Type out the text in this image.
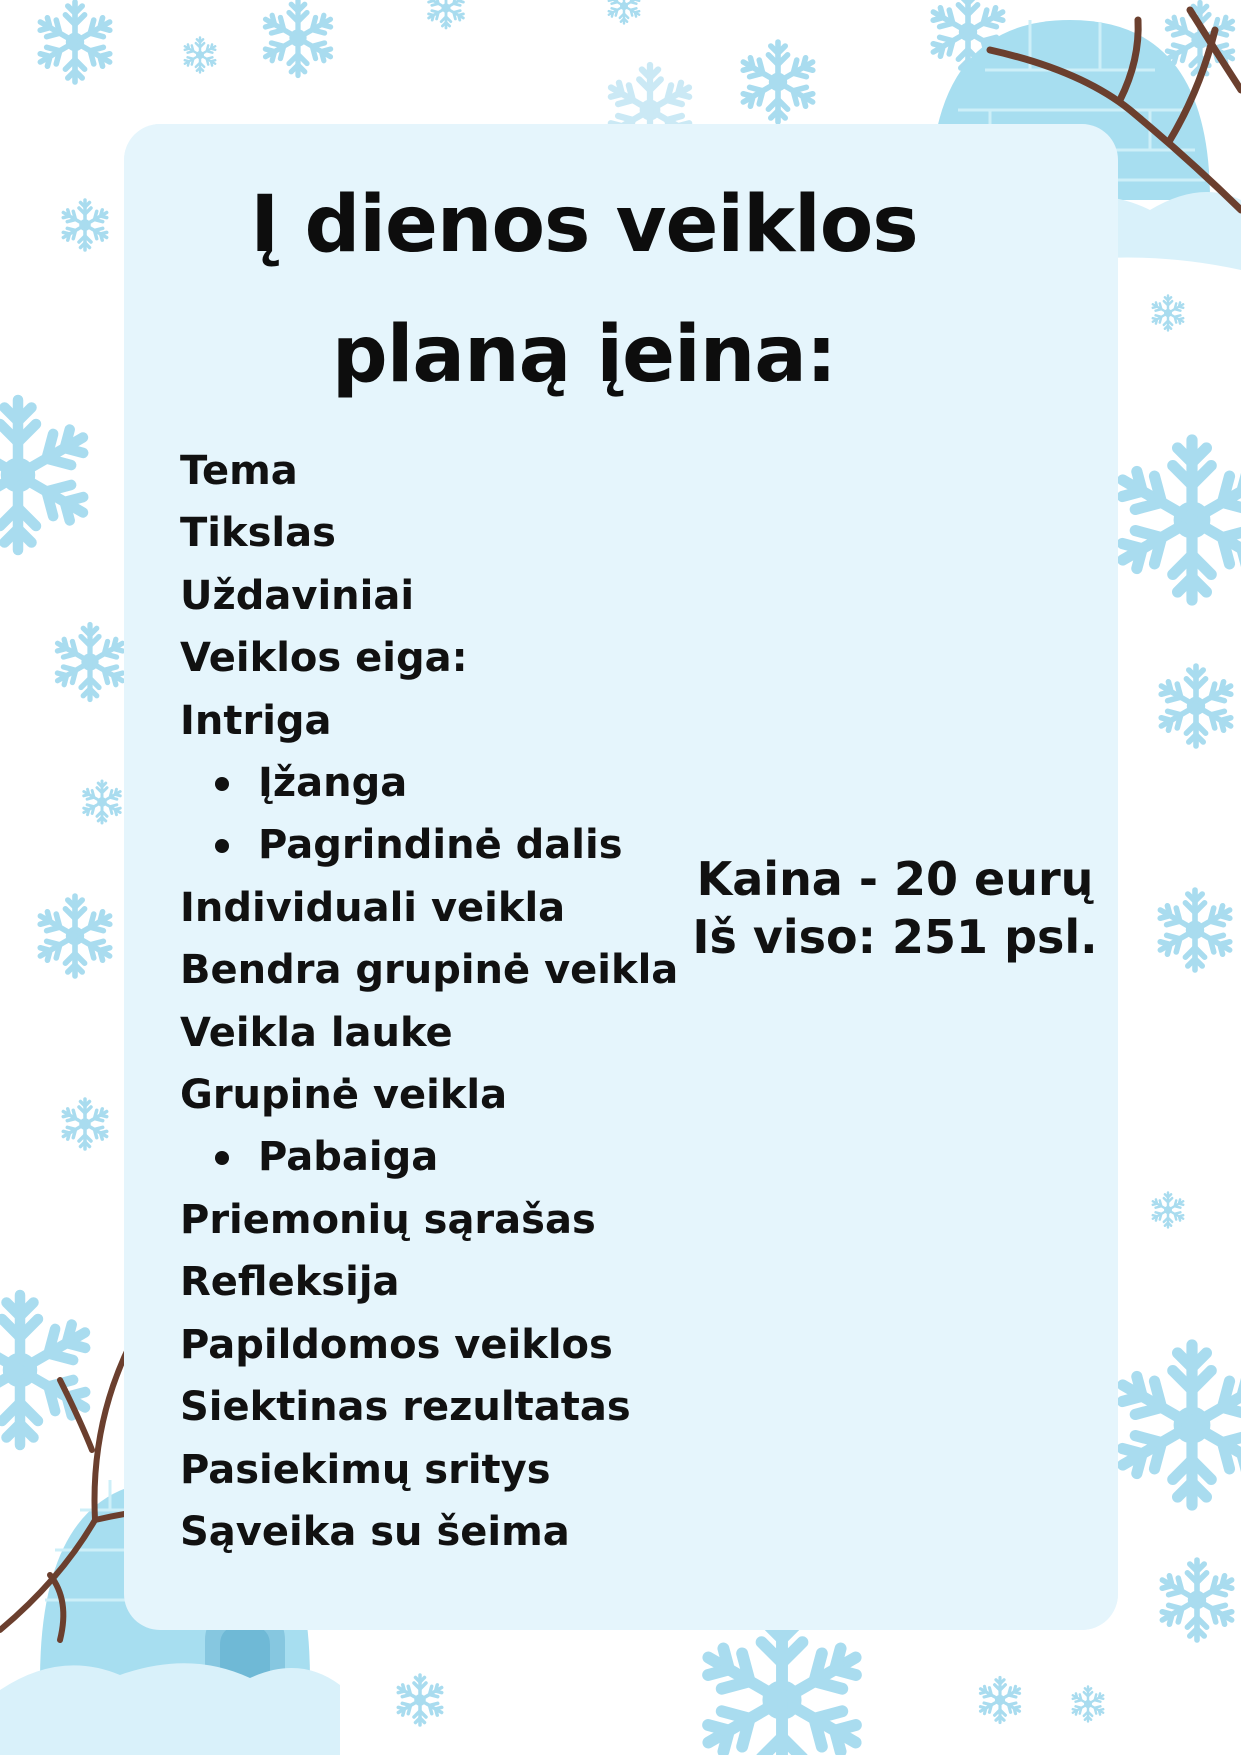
Į dienos veiklos
planą įeina:
Tema
Tikslas
Uždaviniai
Veiklos eiga:
Intriga
Įžanga
Pagrindinė dalis
Individuali veikla
Bendra grupinė veikla
Veikla lauke
Grupinė veikla
Pabaiga
Priemonių sąrašas
Refleksija
Papildomos veiklos
Siektinas rezultatas
Pasiekimų sritys
Sąveika su šeima
Kaina - 20 eurų
Iš viso: 251 psl.
